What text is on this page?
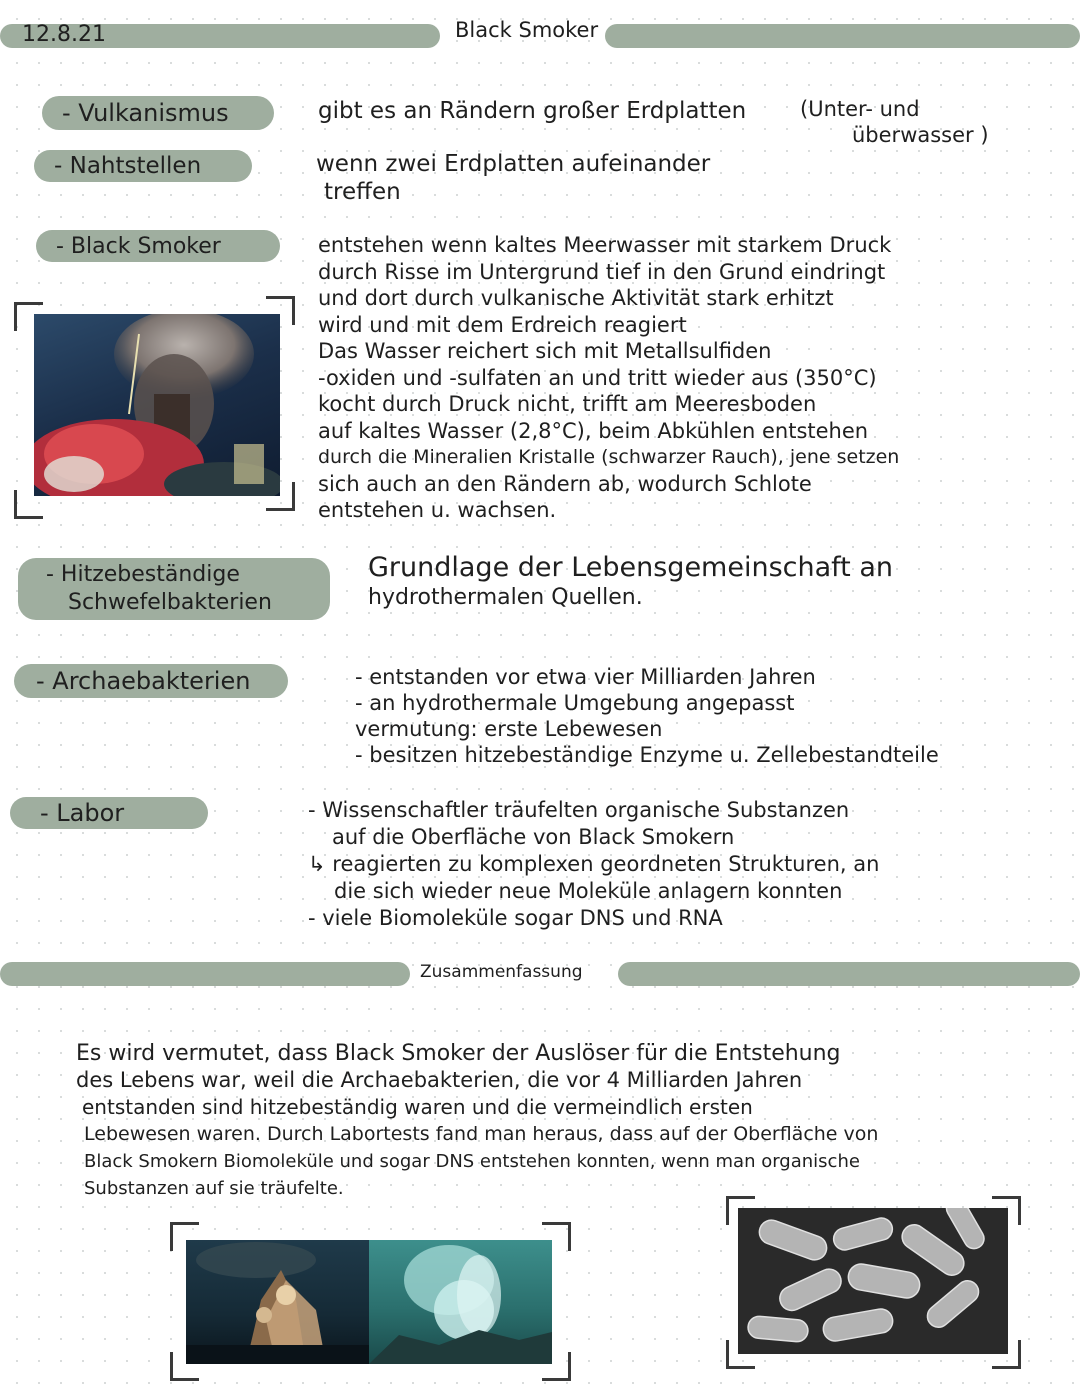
12.8.21	Black Smoker
- Vulkanismus	gibt es an Rändern großer Erdplatten	(Unter- und
überwasser )
- Nahtstellen	wenn zwei Erdplatten aufeinander
treffen
- Black Smoker	entstehen wenn kaltes Meerwasser mit starkem Druck
durch Risse im Untergrund tief in den Grund eindringt
und dort durch vulkanische Aktivität stark erhitzt
wird und mit dem Erdreich reagiert
Das Wasser reichert sich mit Metallsulfiden
-oxiden und -sulfaten an und tritt wieder aus (350°C)
kocht durch Druck nicht, trifft am Meeresboden
auf kaltes Wasser (2,8°C), beim Abkühlen entstehen
durch die Mineralien Kristalle (schwarzer Rauch), jene setzen
sich auch an den Rändern ab, wodurch Schlote
entstehen u. wachsen.
- Hitzebeständige
Schwefelbakterien
Grundlage der Lebensgemeinschaft an
hydrothermalen Quellen.
- Archaebakterien	- entstanden vor etwa vier Milliarden Jahren
- an hydrothermale Umgebung angepasst
vermutung: erste Lebewesen
- besitzen hitzebeständige Enzyme u. Zellebestandteile
- Labor	- Wissenschaftler träufelten organische Substanzen
auf die Oberfläche von Black Smokern
↳ reagierten zu komplexen geordneten Strukturen, an
die sich wieder neue Moleküle anlagern konnten
- viele Biomoleküle sogar DNS und RNA
Zusammenfassung
Es wird vermutet, dass Black Smoker der Auslöser für die Entstehung
des Lebens war, weil die Archaebakterien, die vor 4 Milliarden Jahren
entstanden sind hitzebeständig waren und die vermeindlich ersten
Lebewesen waren. Durch Labortests fand man heraus, dass auf der Oberfläche von
Black Smokern Biomoleküle und sogar DNS entstehen konnten, wenn man organische
Substanzen auf sie träufelte.
